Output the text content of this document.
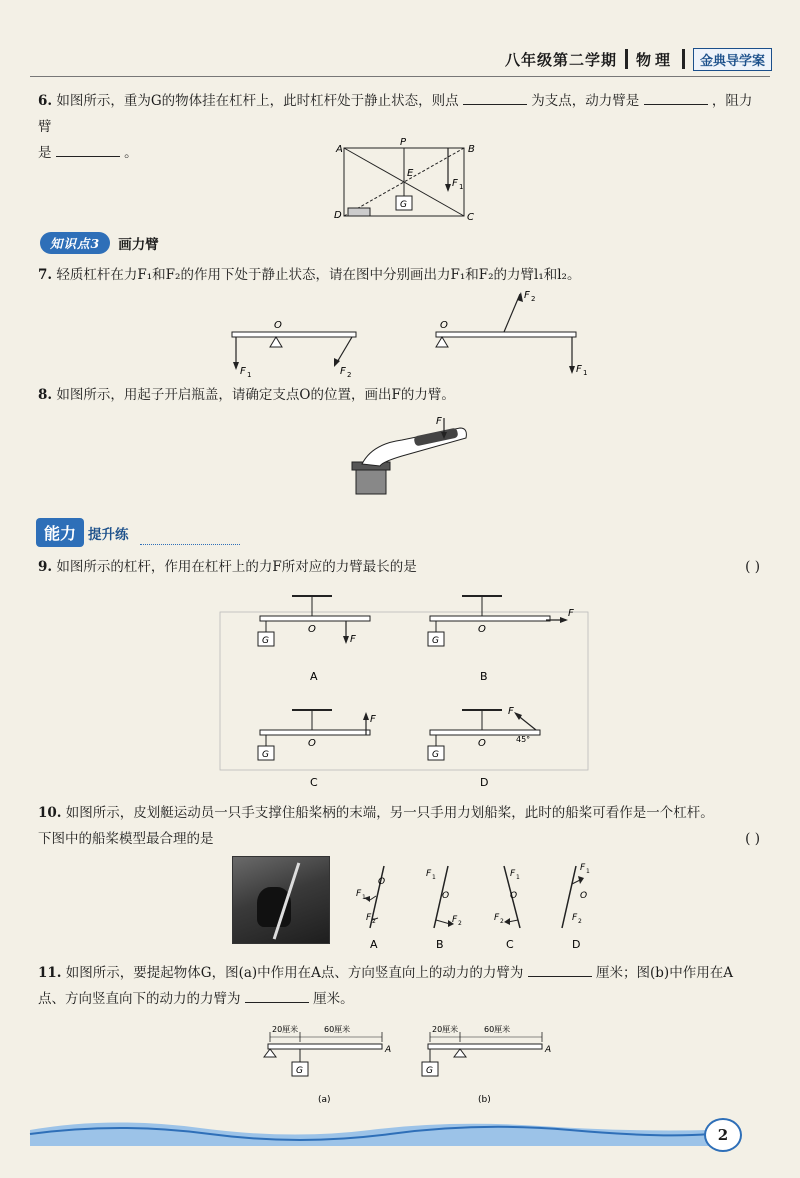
八年级第二学期 物理	金典导学案
6. 如图所示，重为G的物体挂在杠杆上，此时杠杆处于静止状态，则点	为支点，动力臂是	，阻力臂
是	。	A
P
B
E
F 1
D
G
C
知识点3	画力臂
7. 轻质杠杆在力F₁和F₂的作用下处于静止状态，请在图中分别画出力F₁和F₂的力臂l₁和l₂。
O
F 1	F 2
O
F 2
F 1
8. 如图所示，用起子开启瓶盖，请确定支点O的位置，画出F的力臂。
F
能力 提升练
9. 如图所示的杠杆，作用在杠杆上的力F所对应的力臂最长的是	( )
O
G	F
A
O
G
F
B
O
G
F
C
O
G
F
45°
D
10. 如图所示，皮划艇运动员一只手支撑住船桨柄的末端，另一只手用力划船桨，此时的船桨可看作是一个杠杆。
下图中的船桨模型最合理的是	( )
O
F 1
F 2
A
O
F 1
F 2
B
O
F 1
F 2
C
O
F 1
F 2
D
11. 如图所示，要提起物体G，图(a)中作用在A点、方向竖直向上的动力的力臂为	厘米；图(b)中作用在A
点、方向竖直向下的动力的力臂为	厘米。
20厘米	60厘米
G
A
(a)
20厘米	60厘米
G
A
(b)
2
